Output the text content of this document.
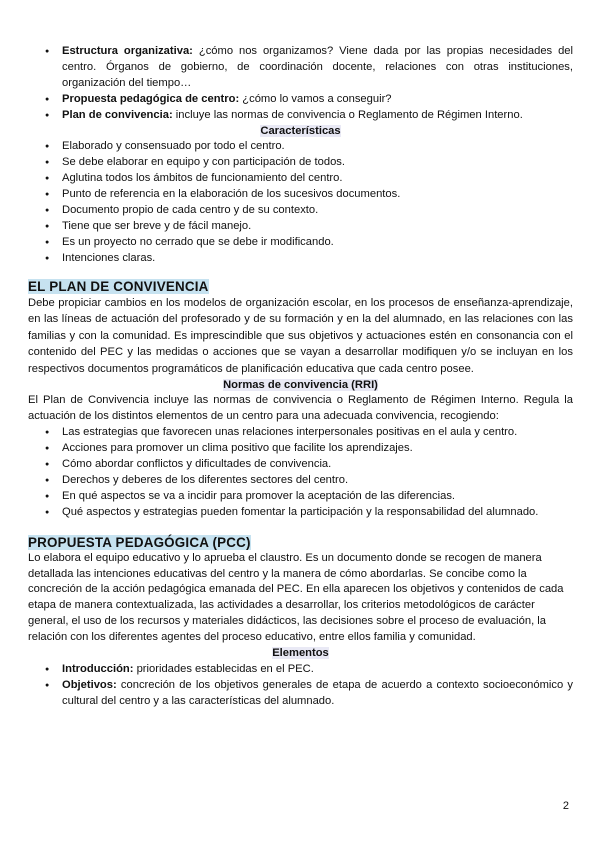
● Estructura organizativa: ¿cómo nos organizamos? Viene dada por las propias necesidades del centro. Órganos de gobierno, de coordinación docente, relaciones con otras instituciones, organización del tiempo…
● Propuesta pedagógica de centro: ¿cómo lo vamos a conseguir?
● Plan de convivencia: incluye las normas de convivencia o Reglamento de Régimen Interno.
Características
● Elaborado y consensuado por todo el centro.
● Se debe elaborar en equipo y con participación de todos.
● Aglutina todos los ámbitos de funcionamiento del centro.
● Punto de referencia en la elaboración de los sucesivos documentos.
● Documento propio de cada centro y de su contexto.
● Tiene que ser breve y de fácil manejo.
● Es un proyecto no cerrado que se debe ir modificando.
● Intenciones claras.
EL PLAN DE CONVIVENCIA

Debe propiciar cambios en los modelos de organización escolar, en los procesos de enseñanza-aprendizaje, en las líneas de actuación del profesorado y de su formación y en la del alumnado, en las relaciones con las familias y con la comunidad. Es imprescindible que sus objetivos y actuaciones estén en consonancia con el contenido del PEC y las medidas o acciones que se vayan a desarrollar modifiquen y/o se incluyan en los respectivos documentos programáticos de planificación educativa que cada centro posee.

Normas de convivencia (RRI)

El Plan de Convivencia incluye las normas de convivencia o Reglamento de Régimen Interno. Regula la actuación de los distintos elementos de un centro para una adecuada convivencia, recogiendo:

● Las estrategias que favorecen unas relaciones interpersonales positivas en el aula y centro.
● Acciones para promover un clima positivo que facilite los aprendizajes.
● Cómo abordar conflictos y dificultades de convivencia.
● Derechos y deberes de los diferentes sectores del centro.
● En qué aspectos se va a incidir para promover la aceptación de las diferencias.
● Qué aspectos y estrategias pueden fomentar la participación y la responsabilidad del alumnado.
PROPUESTA PEDAGÓGICA (PCC)

Lo elabora el equipo educativo y lo aprueba el claustro. Es un documento donde se recogen de manera detallada las intenciones educativas del centro y la manera de cómo abordarlas. Se concibe como la concreción de la acción pedagógica emanada del PEC. En ella aparecen los objetivos y contenidos de cada etapa de manera contextualizada, las actividades a desarrollar, los criterios metodológicos de carácter general, el uso de los recursos y materiales didácticos, las decisiones sobre el proceso de evaluación, la relación con los diferentes agentes del proceso educativo, entre ellos familia y comunidad.

Elementos
● Introducción: prioridades establecidas en el PEC.
● Objetivos: concreción de los objetivos generales de etapa de acuerdo a contexto socioeconómico y cultural del centro y a las características del alumnado.
2
